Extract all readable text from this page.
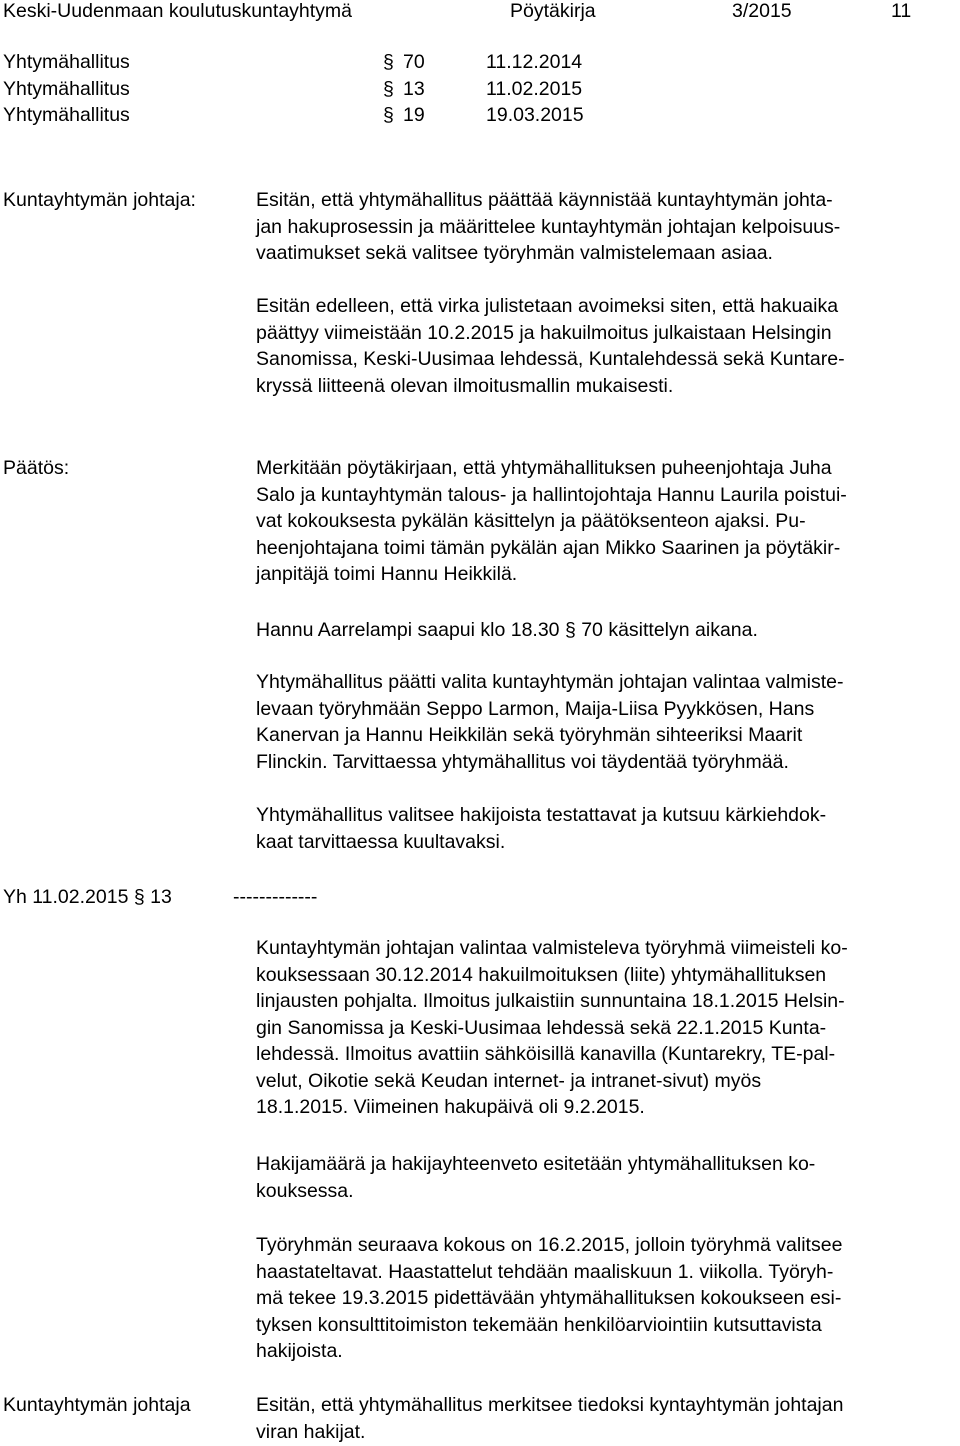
Keski-Uudenmaan koulutuskuntayhtymä	Pöytäkirja	3/2015	11
Yhtymähallitus	§ 70	11.12.2014
Yhtymähallitus	§ 13	11.02.2015
Yhtymähallitus	§ 19	19.03.2015
Kuntayhtymän johtaja:	Esitän, että yhtymähallitus päättää käynnistää kuntayhtymän johta-
jan hakuprosessin ja määrittelee kuntayhtymän johtajan kelpoisuus-
vaatimukset sekä valitsee työryhmän valmistelemaan asiaa.
Esitän edelleen, että virka julistetaan avoimeksi siten, että hakuaika
päättyy viimeistään 10.2.2015 ja hakuilmoitus julkaistaan Helsingin
Sanomissa, Keski-Uusimaa lehdessä, Kuntalehdessä sekä Kuntare-
kryssä liitteenä olevan ilmoitusmallin mukaisesti.
Päätös:	Merkitään pöytäkirjaan, että yhtymähallituksen puheenjohtaja Juha
Salo ja kuntayhtymän talous- ja hallintojohtaja Hannu Laurila poistui-
vat kokouksesta pykälän käsittelyn ja päätöksenteon ajaksi. Pu-
heenjohtajana toimi tämän pykälän ajan Mikko Saarinen ja pöytäkir-
janpitäjä toimi Hannu Heikkilä.
Hannu Aarrelampi saapui klo 18.30 § 70 käsittelyn aikana.
Yhtymähallitus päätti valita kuntayhtymän johtajan valintaa valmiste-
levaan työryhmään Seppo Larmon, Maija-Liisa Pyykkösen, Hans
Kanervan ja Hannu Heikkilän sekä työryhmän sihteeriksi Maarit
Flinckin. Tarvittaessa yhtymähallitus voi täydentää työryhmää.
Yhtymähallitus valitsee hakijoista testattavat ja kutsuu kärkiehdok-
kaat tarvittaessa kuultavaksi.
Yh 11.02.2015 § 13	-------------
Kuntayhtymän johtajan valintaa valmisteleva työryhmä viimeisteli ko-
kouksessaan 30.12.2014 hakuilmoituksen (liite) yhtymähallituksen
linjausten pohjalta. Ilmoitus julkaistiin sunnuntaina 18.1.2015 Helsin-
gin Sanomissa ja Keski-Uusimaa lehdessä sekä 22.1.2015 Kunta-
lehdessä. Ilmoitus avattiin sähköisillä kanavilla (Kuntarekry, TE-pal-
velut, Oikotie sekä Keudan internet- ja intranet-sivut) myös
18.1.2015. Viimeinen hakupäivä oli 9.2.2015.
Hakijamäärä ja hakijayhteenveto esitetään yhtymähallituksen ko-
kouksessa.
Työryhmän seuraava kokous on 16.2.2015, jolloin työryhmä valitsee
haastateltavat. Haastattelut tehdään maaliskuun 1. viikolla. Työryh-
mä tekee 19.3.2015 pidettävään yhtymähallituksen kokoukseen esi-
tyksen konsulttitoimiston tekemään henkilöarviointiin kutsuttavista
hakijoista.
Kuntayhtymän johtaja	Esitän, että yhtymähallitus merkitsee tiedoksi kyntayhtymän johtajan
viran hakijat.
